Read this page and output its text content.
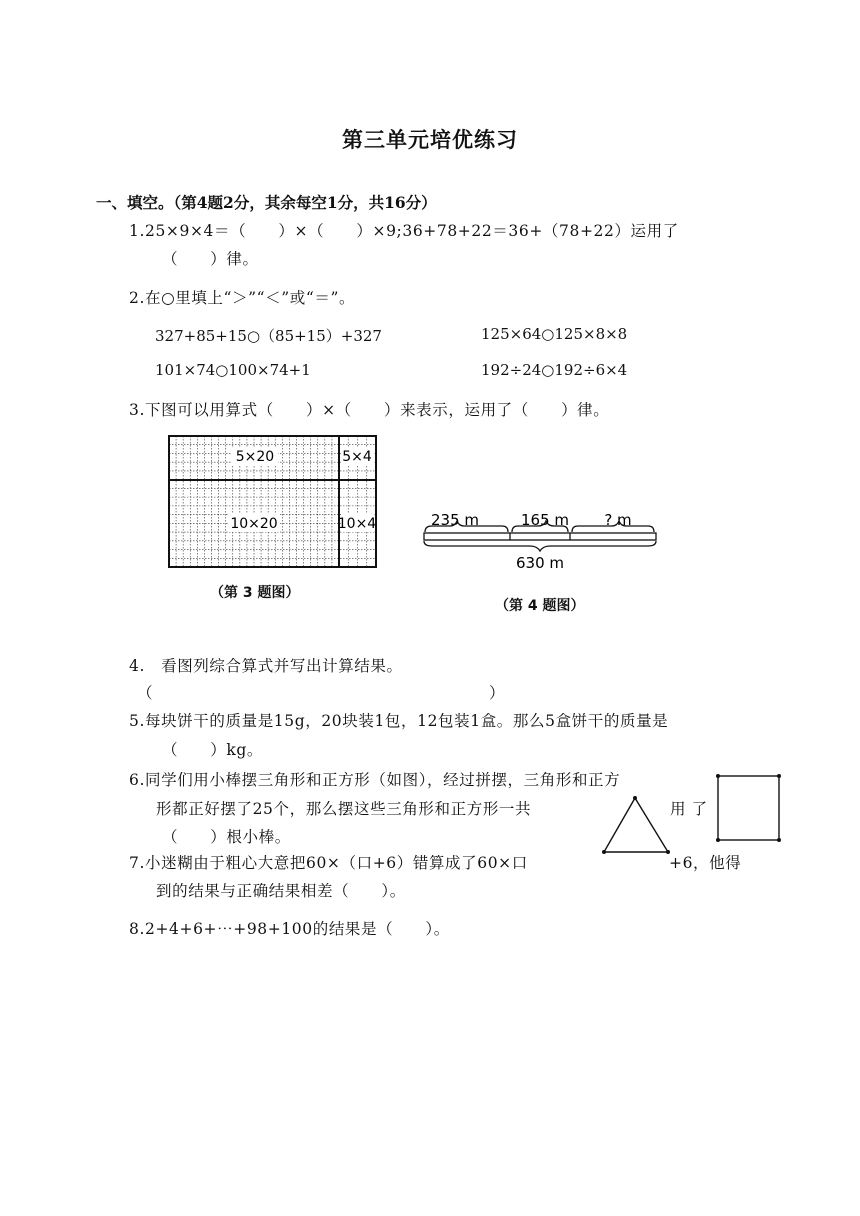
第三单元培优练习
一、填空。（第4题2分，其余每空1分，共16分）
1.25×9×4＝（　　）×（　　）×9;36+78+22＝36+（78+22）运用了
（　　）律。
2.在○里填上“＞”“＜”或“＝”。
327+85+15○（85+15）+327	125×64○125×8×8
101×74○100×74+1	192÷24○192÷6×4
3.下图可以用算式（　　）×（　　）来表示，运用了（　　）律。
5×20	5×4
10×20	10×4
（第 3 题图）
235 m	165 m ? m
630 m
（第 4 题图）
4.　看图列综合算式并写出计算结果。
（	）
5.每块饼干的质量是15g，20块装1包，12包装1盒。那么5盒饼干的质量是
（　　）kg。
6.同学们用小棒摆三角形和正方形（如图），经过拼摆，三角形和正方
形都正好摆了25个，那么摆这些三角形和正方形一共	用 了
（　　）根小棒。
7.小迷糊由于粗心大意把60×（口+6）错算成了60×口	+6，他得
到的结果与正确结果相差（　　）。
8.2+4+6+⋯+98+100的结果是（　　）。
